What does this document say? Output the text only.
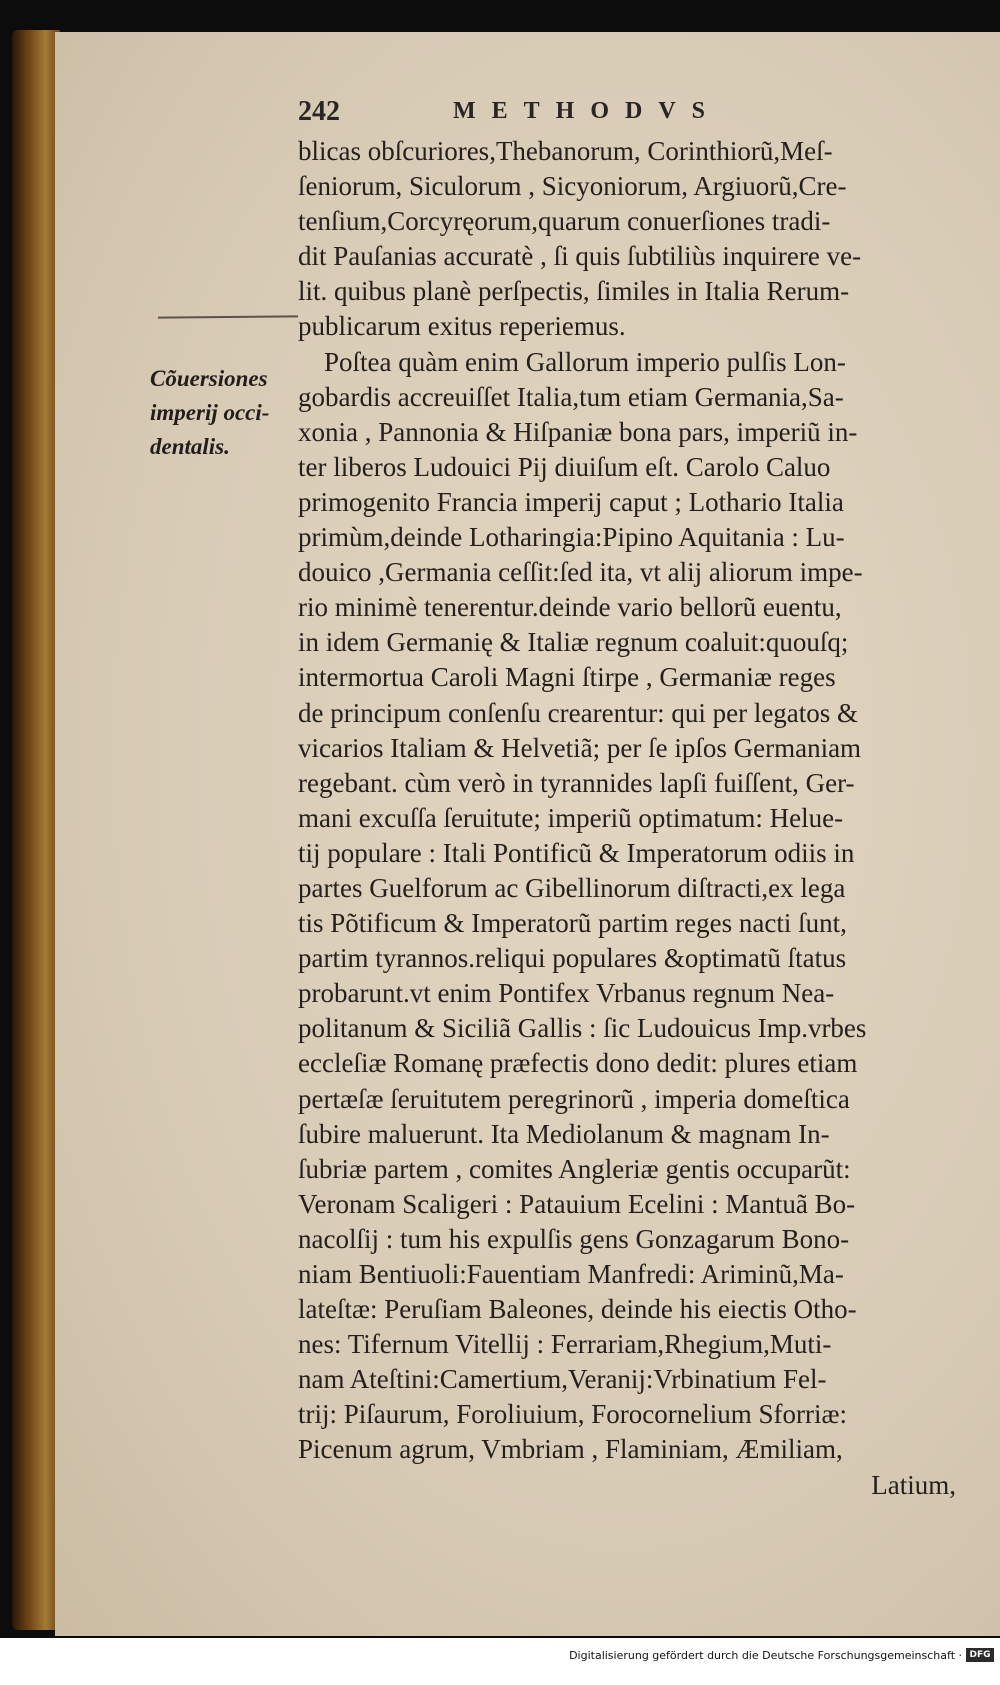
242	METHODVS
Cõuersiones
imperij occi-
dentalis.
blicas obſcuriores,Thebanorum, Corinthiorũ,Meſ-
ſeniorum, Siculorum , Sicyoniorum, Argiuorũ,Cre-
tenſium,Corcyręorum,quarum conuerſiones tradi-
dit Pauſanias accuratè , ſi quis ſubtiliùs inquirere ve-
lit. quibus planè perſpectis, ſimiles in Italia Rerum-
publicarum exitus reperiemus.
Poſtea quàm enim Gallorum imperio pulſis Lon-
gobardis accreuiſſet Italia,tum etiam Germania,Sa-
xonia , Pannonia & Hiſpaniæ bona pars, imperiũ in-
ter liberos Ludouici Pij diuiſum eſt. Carolo Caluo
primogenito Francia imperij caput ; Lothario Italia
primùm,deinde Lotharingia:Pipino Aquitania : Lu-
douico ,Germania ceſſit:ſed ita, vt alij aliorum impe-
rio minimè tenerentur.deinde vario bellorũ euentu,
in idem Germanię & Italiæ regnum coaluit:quouſq;
intermortua Caroli Magni ſtirpe , Germaniæ reges
de principum conſenſu crearentur: qui per legatos &
vicarios Italiam & Helvetiã; per ſe ipſos Germaniam
regebant. cùm verò in tyrannides lapſi fuiſſent, Ger-
mani excuſſa ſeruitute; imperiũ optimatum: Helue-
tij populare : Itali Pontificũ & Imperatorum odiis in
partes Guelforum ac Gibellinorum diſtracti,ex lega
tis Põtificum & Imperatorũ partim reges nacti ſunt,
partim tyrannos.reliqui populares &optimatũ ſtatus
probarunt.vt enim Pontifex Vrbanus regnum Nea-
politanum & Siciliã Gallis : ſic Ludouicus Imp.vrbes
eccleſiæ Romanę præfectis dono dedit: plures etiam
pertæſæ ſeruitutem peregrinorũ , imperia domeſtica
ſubire maluerunt. Ita Mediolanum & magnam In-
ſubriæ partem , comites Angleriæ gentis occuparũt:
Veronam Scaligeri : Patauium Ecelini : Mantuã Bo-
nacolſij : tum his expulſis gens Gonzagarum Bono-
niam Bentiuoli:Fauentiam Manfredi: Ariminũ,Ma-
lateſtæ: Peruſiam Baleones, deinde his eiectis Otho-
nes: Tifernum Vitellij : Ferrariam,Rhegium,Muti-
nam Ateſtini:Camertium,Veranij:Vrbinatium Fel-
trij: Piſaurum, Foroliuium, Forocornelium Sforriæ:
Picenum agrum, Vmbriam , Flaminiam, Æmiliam,
Latium,
Digitalisierung gefördert durch die Deutsche Forschungsgemeinschaft · DFG
